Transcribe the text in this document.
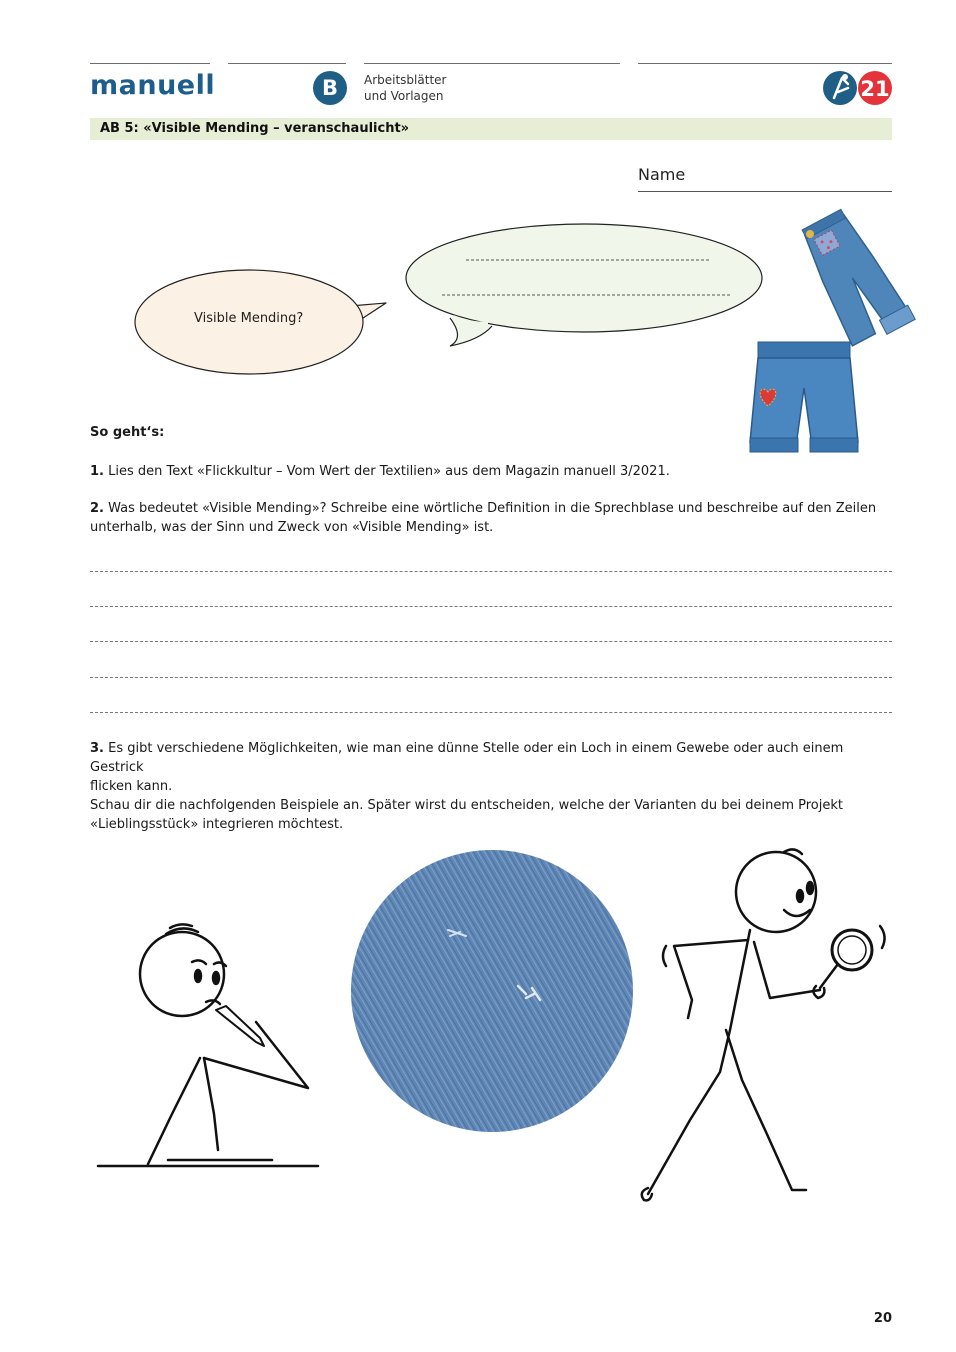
manuell	B	Arbeitsblätter
und Vorlagen	21
AB 5: «Visible Mending – veranschaulicht»
Name
Visible Mending?
So geht‘s:
1. Lies den Text «Flickkultur – Vom Wert der Textilien» aus dem Magazin manuell 3/2021.
2. Was bedeutet «Visible Mending»? Schreibe eine wörtliche Definition in die Sprechblase und beschreibe auf den Zeilen
unterhalb, was der Sinn und Zweck von «Visible Mending» ist.
3. Es gibt verschiedene Möglichkeiten, wie man eine dünne Stelle oder ein Loch in einem Gewebe oder auch einem Gestrick
flicken kann.
Schau dir die nachfolgenden Beispiele an. Später wirst du entscheiden, welche der Varianten du bei deinem Projekt
«Lieblingsstück» integrieren möchtest.
20
